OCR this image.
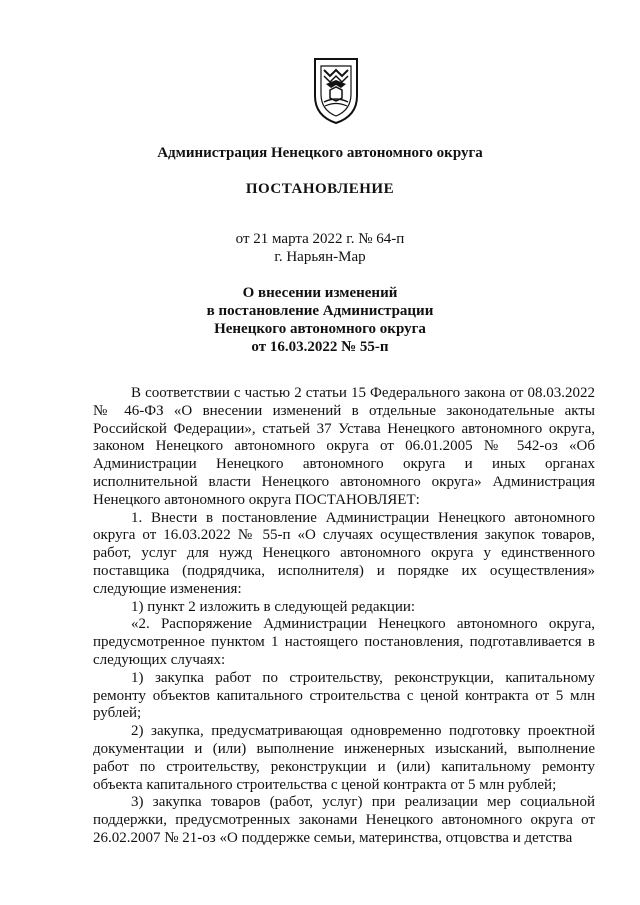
Администрация Ненецкого автономного округа
ПОСТАНОВЛЕНИЕ
от 21 марта 2022 г. № 64-п
г. Нарьян-Мар
О внесении изменений
в постановление Администрации
Ненецкого автономного округа
от 16.03.2022 № 55-п

В соответствии с частью 2 статьи 15 Федерального закона от 08.03.2022 № 46-ФЗ «О внесении изменений в отдельные законодательные акты Российской Федерации», статьей 37 Устава Ненецкого автономного округа, законом Ненецкого автономного округа от 06.01.2005 № 542-оз «Об Администрации Ненецкого автономного округа и иных органах исполнительной власти Ненецкого автономного округа» Администрация Ненецкого автономного округа ПОСТАНОВЛЯЕТ:

1. Внести в постановление Администрации Ненецкого автономного округа от 16.03.2022 № 55-п «О случаях осуществления закупок товаров, работ, услуг для нужд Ненецкого автономного округа у единственного поставщика (подрядчика, исполнителя) и порядке их осуществления» следующие изменения:

1) пункт 2 изложить в следующей редакции:

«2. Распоряжение Администрации Ненецкого автономного округа, предусмотренное пунктом 1 настоящего постановления, подготавливается в следующих случаях:

1) закупка работ по строительству, реконструкции, капитальному ремонту объектов капитального строительства с ценой контракта от 5 млн рублей;

2) закупка, предусматривающая одновременно подготовку проектной документации и (или) выполнение инженерных изысканий, выполнение работ по строительству, реконструкции и (или) капитальному ремонту объекта капитального строительства с ценой контракта от 5 млн рублей;

3) закупка товаров (работ, услуг) при реализации мер социальной поддержки, предусмотренных законами Ненецкого автономного округа от 26.02.2007 № 21-оз «О поддержке семьи, материнства, отцовства и детства
